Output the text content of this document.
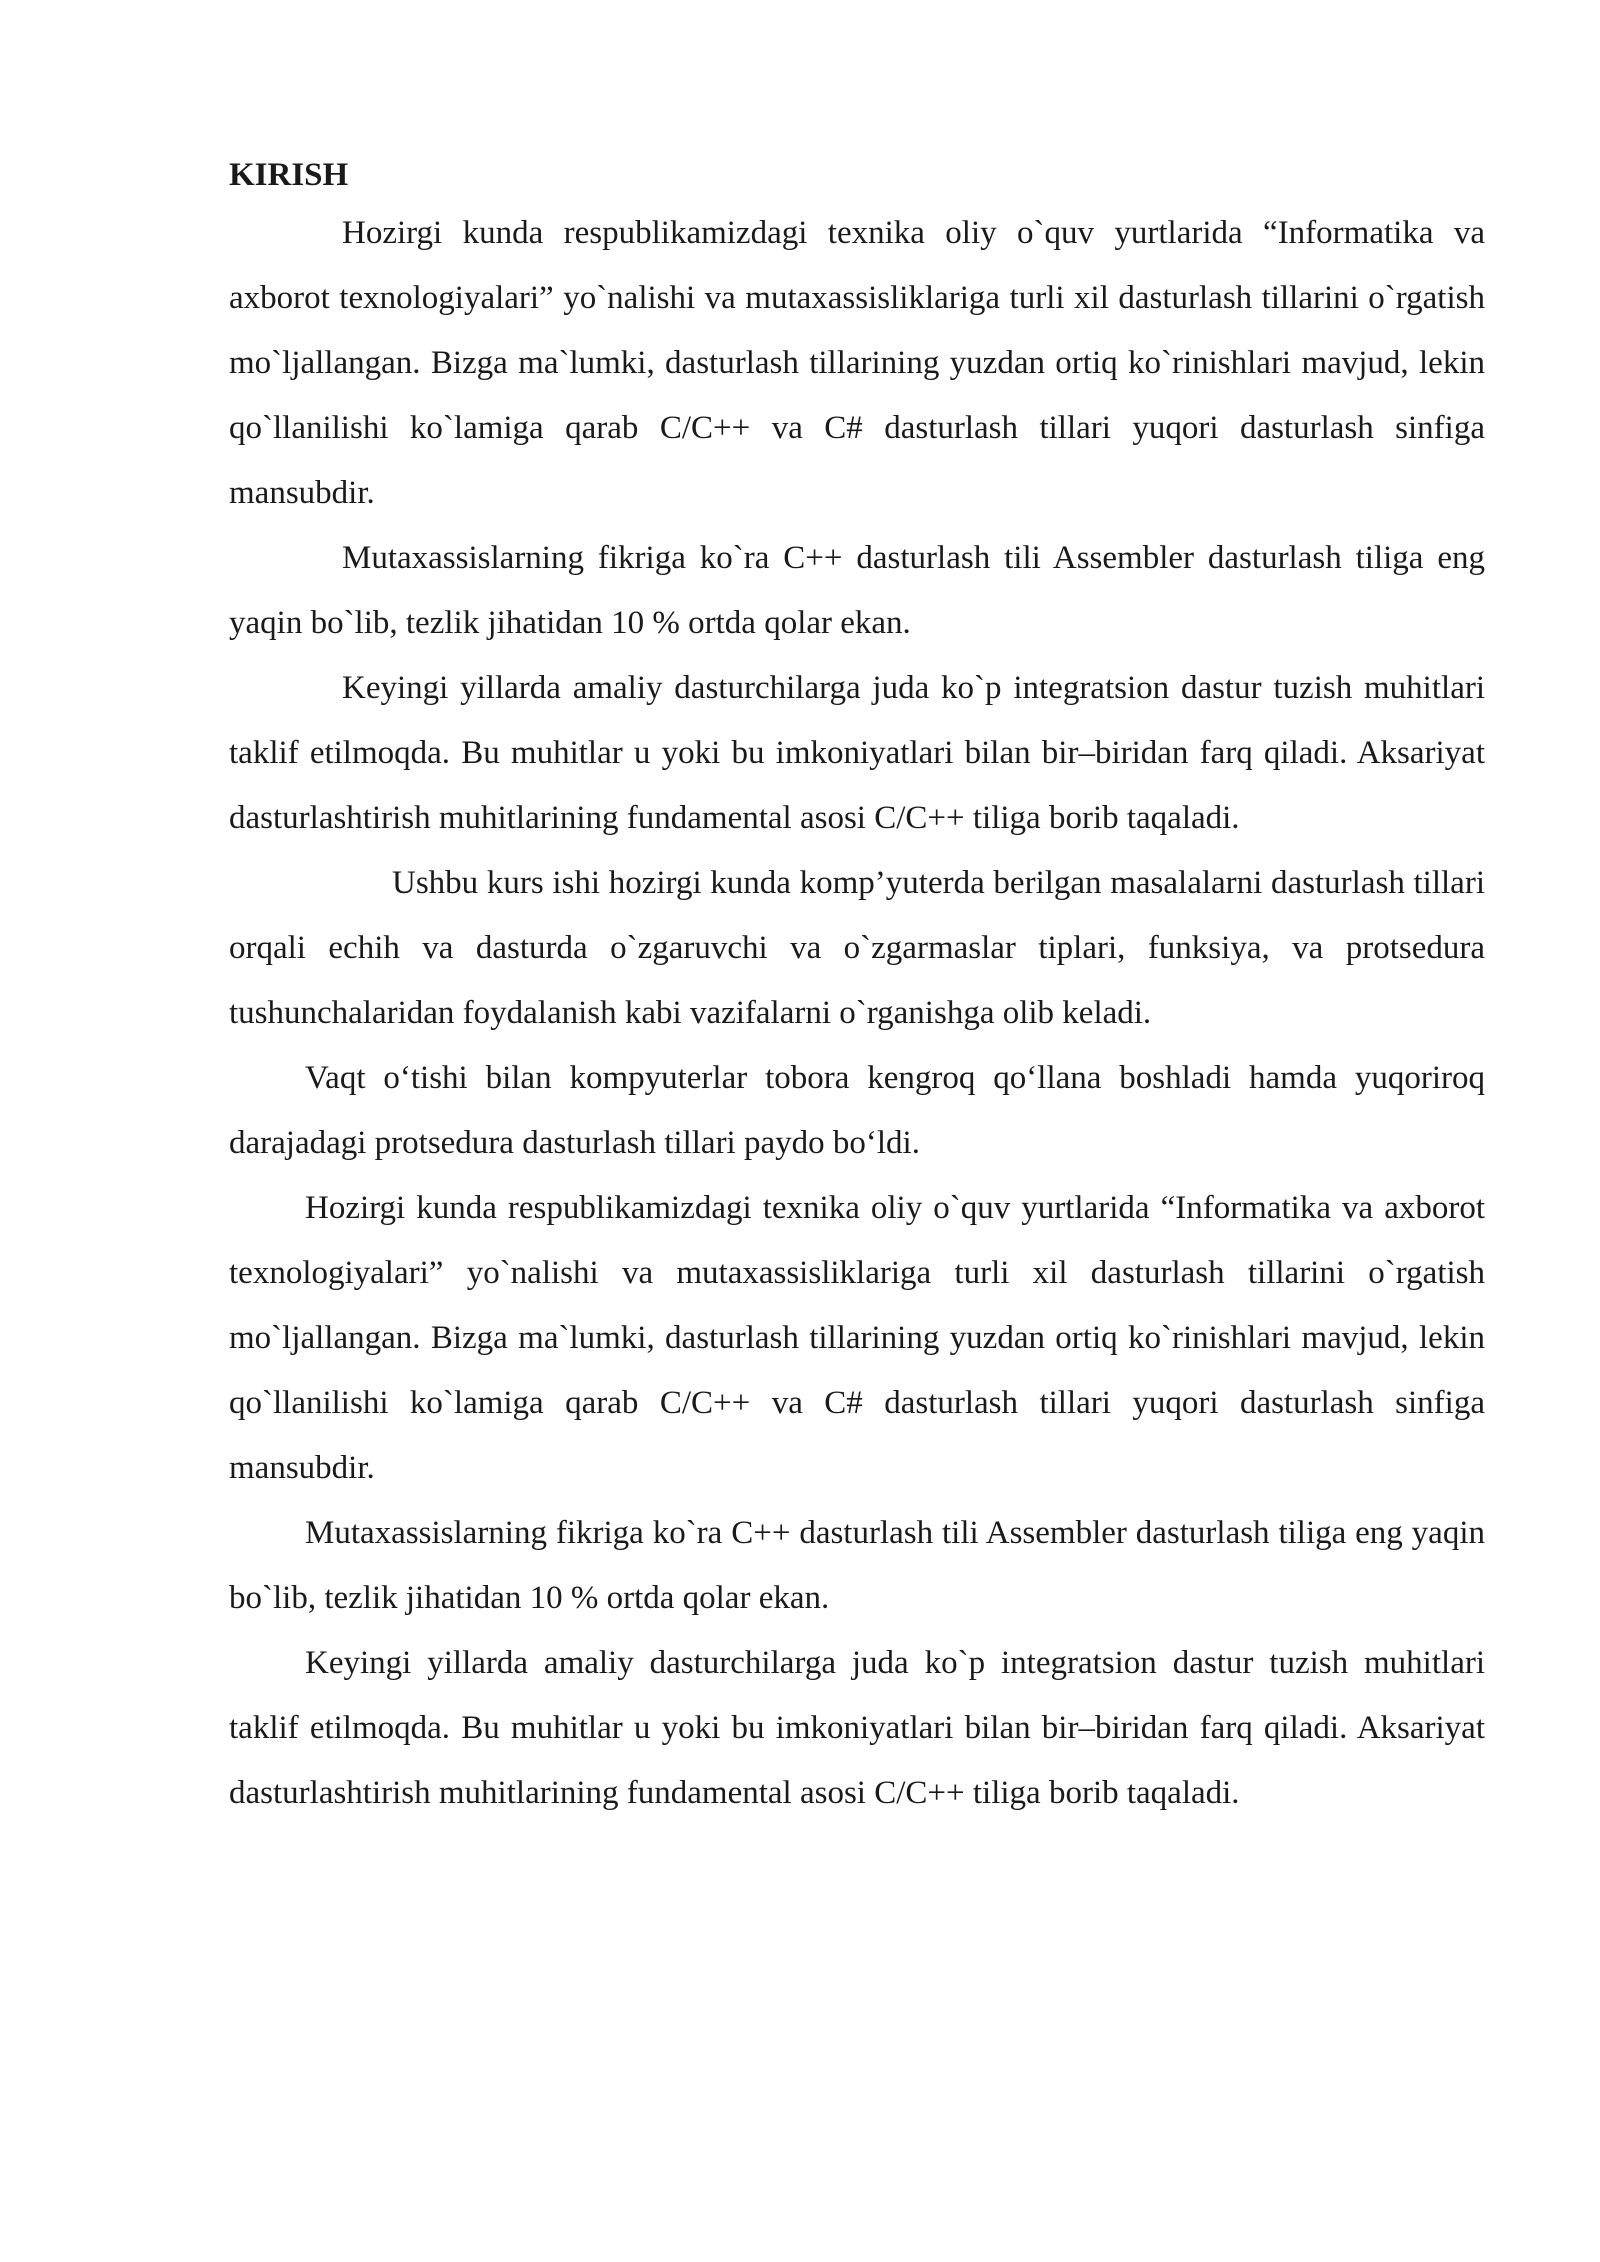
KIRISH

Hozirgi kunda respublikamizdagi texnika oliy o`quv yurtlarida “Informatika va axborot texnologiyalari” yo`nalishi va mutaxassisliklariga turli xil dasturlash tillarini o`rgatish mo`ljallangan. Bizga ma`lumki, dasturlash tillarining yuzdan ortiq ko`rinishlari mavjud, lekin qo`llanilishi ko`lamiga qarab C/C++ va C# dasturlash tillari yuqori dasturlash sinfiga mansubdir.

Mutaxassislarning fikriga ko`ra C++ dasturlash tili Assembler dasturlash tiliga eng yaqin bo`lib, tezlik jihatidan 10 % ortda qolar ekan.

Keyingi yillarda amaliy dasturchilarga juda ko`p integratsion dastur tuzish muhitlari taklif etilmoqda. Bu muhitlar u yoki bu imkoniyatlari bilan bir–biridan farq qiladi. Aksariyat dasturlashtirish muhitlarining fundamental asosi C/C++ tiliga borib taqaladi.

Ushbu kurs ishi hozirgi kunda komp’yuterda berilgan masalalarni dasturlash tillari orqali echih va dasturda o`zgaruvchi va o`zgarmaslar tiplari, funksiya, va protsedura tushunchalaridan foydalanish kabi vazifalarni o`rganishga olib keladi.

Vaqt o‘tishi bilan kompyuterlar tobora kengroq qo‘llana boshladi hamda yuqoriroq darajadagi protsedura dasturlash tillari paydo bo‘ldi.

Hozirgi kunda respublikamizdagi texnika oliy o`quv yurtlarida “Informatika va axborot texnologiyalari” yo`nalishi va mutaxassisliklariga turli xil dasturlash tillarini o`rgatish mo`ljallangan. Bizga ma`lumki, dasturlash tillarining yuzdan ortiq ko`rinishlari mavjud, lekin qo`llanilishi ko`lamiga qarab C/C++ va C# dasturlash tillari yuqori dasturlash sinfiga mansubdir.

Mutaxassislarning fikriga ko`ra C++ dasturlash tili Assembler dasturlash tiliga eng yaqin bo`lib, tezlik jihatidan 10 % ortda qolar ekan.

Keyingi yillarda amaliy dasturchilarga juda ko`p integratsion dastur tuzish muhitlari taklif etilmoqda. Bu muhitlar u yoki bu imkoniyatlari bilan bir–biridan farq qiladi. Aksariyat dasturlashtirish muhitlarining fundamental asosi C/C++ tiliga borib taqaladi.
